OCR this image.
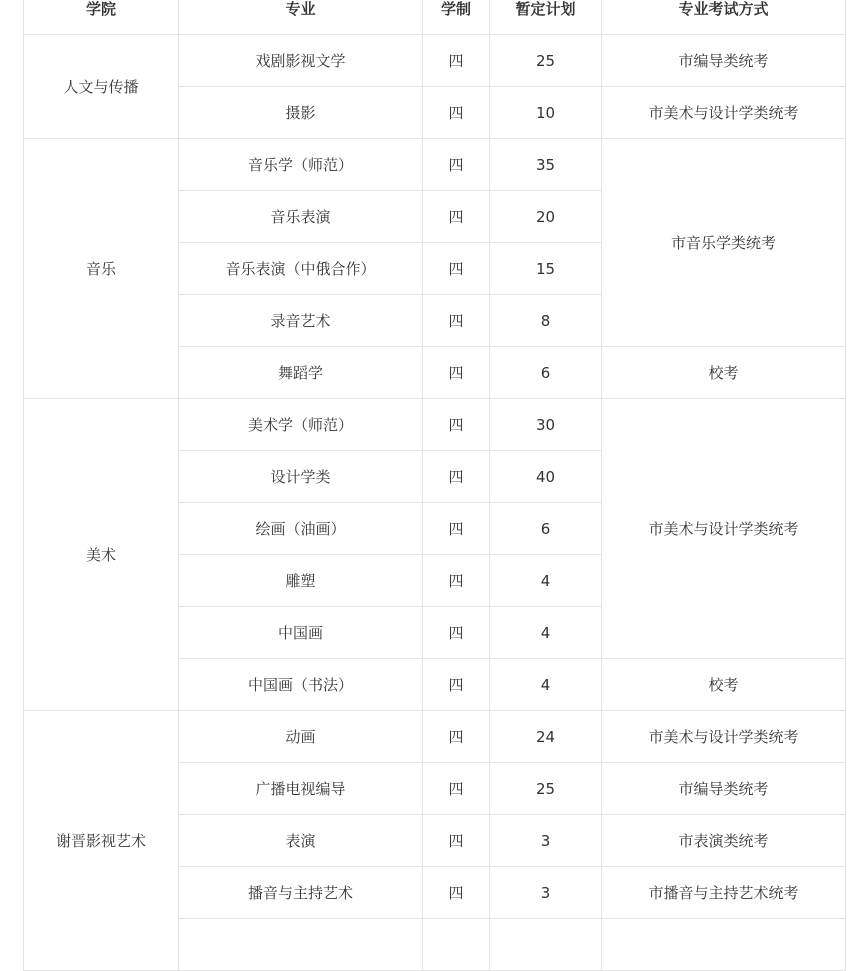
学院	专业	学制	暂定计划	专业考试方式
人文与传播	戏剧影视文学	四	25	市编导类统考
	摄影	四	10	市美术与设计学类统考
音乐	音乐学（师范）	四	35	市音乐学类统考
	音乐表演	四	20	
	音乐表演（中俄合作）	四	15	
	录音艺术	四	8	
	舞蹈学	四	6	校考
美术	美术学（师范）	四	30	市美术与设计学类统考
	设计学类	四	40	
	绘画（油画）	四	6	
	雕塑	四	4	
	中国画	四	4	
	中国画（书法）	四	4	校考
谢晋影视艺术	动画	四	24	市美术与设计学类统考
	广播电视编导	四	25	市编导类统考
	表演	四	3	市表演类统考
	播音与主持艺术	四	3	市播音与主持艺术统考
